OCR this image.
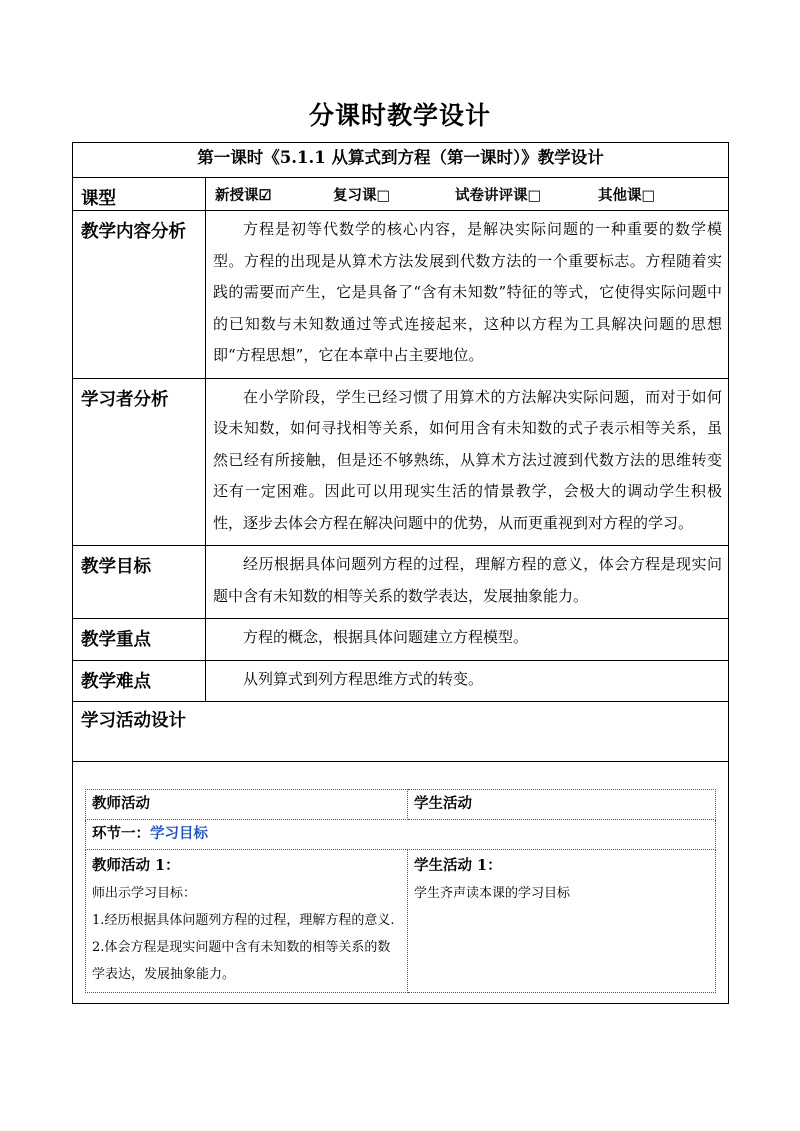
分课时教学设计
第一课时《5.1.1 从算式到方程（第一课时）》教学设计
课型	新授课☑	复习课□	试卷讲评课□	其他课□

教学内容分析	方程是初等代数学的核心内容，是解决实际问题的一种重要的数学模型。方程的出现是从算术方法发展到代数方法的一个重要标志。方程随着实践的需要而产生，它是具备了“含有未知数”特征的等式，它使得实际问题中的已知数与未知数通过等式连接起来，这种以方程为工具解决问题的思想即“方程思想”，它在本章中占主要地位。

学习者分析	在小学阶段，学生已经习惯了用算术的方法解决实际问题，而对于如何设未知数，如何寻找相等关系，如何用含有未知数的式子表示相等关系，虽然已经有所接触，但是还不够熟练，从算术方法过渡到代数方法的思维转变还有一定困难。因此可以用现实生活的情景教学，会极大的调动学生积极性，逐步去体会方程在解决问题中的优势，从而更重视到对方程的学习。

教学目标	经历根据具体问题列方程的过程，理解方程的意义，体会方程是现实问题中含有未知数的相等关系的数学表达，发展抽象能力。

教学重点	方程的概念，根据具体问题建立方程模型。

教学难点	从列算式到列方程思维方式的转变。

学习活动设计
教师活动	学生活动
环节一：学习目标

教师活动 1：
师出示学习目标：
1.经历根据具体问题列方程的过程，理解方程的意义.
2.体会方程是现实问题中含有未知数的相等关系的数学表达，发展抽象能力。

学生活动 1：
学生齐声读本课的学习目标
